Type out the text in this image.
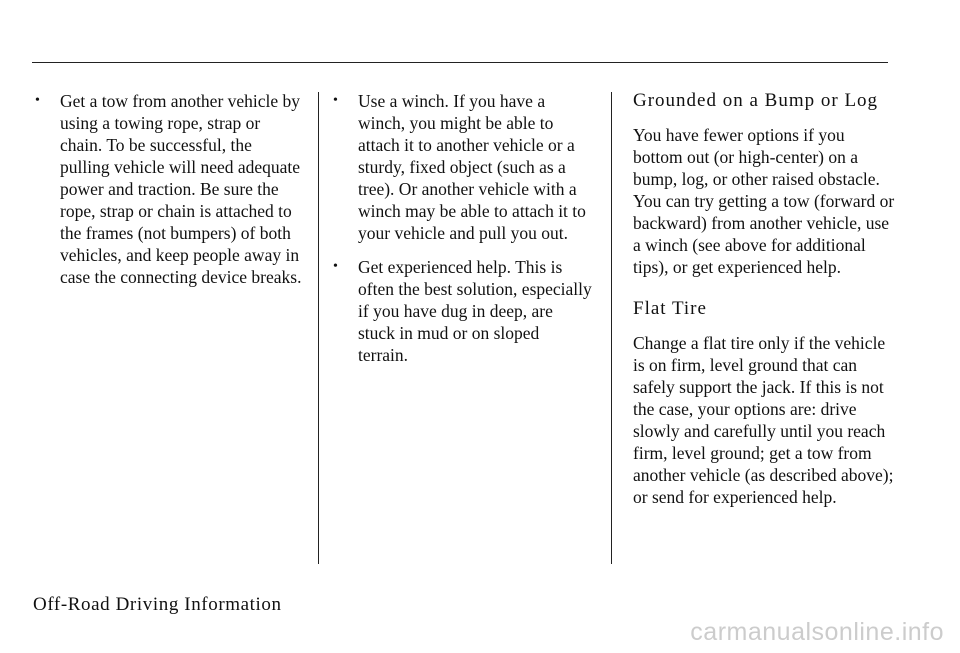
• Get a tow from another vehicle by using a towing rope, strap or chain. To be successful, the pulling vehicle will need adequate power and traction. Be sure the rope, strap or chain is attached to the frames (not bumpers) of both vehicles, and keep people away in case the connecting device breaks.
• Use a winch. If you have a winch, you might be able to attach it to another vehicle or a sturdy, fixed object (such as a tree). Or another vehicle with a winch may be able to attach it to your vehicle and pull you out.
• Get experienced help. This is often the best solution, especially if you have dug in deep, are stuck in mud or on sloped terrain.
Grounded on a Bump or Log

You have fewer options if you bottom out (or high-center) on a bump, log, or other raised obstacle. You can try getting a tow (forward or backward) from another vehicle, use a winch (see above for additional tips), or get experienced help.

Flat Tire

Change a flat tire only if the vehicle is on firm, level ground that can safely support the jack. If this is not the case, your options are: drive slowly and carefully until you reach firm, level ground; get a tow from another vehicle (as described above); or send for experienced help.

Off-Road Driving Information
carmanualsonline.info
